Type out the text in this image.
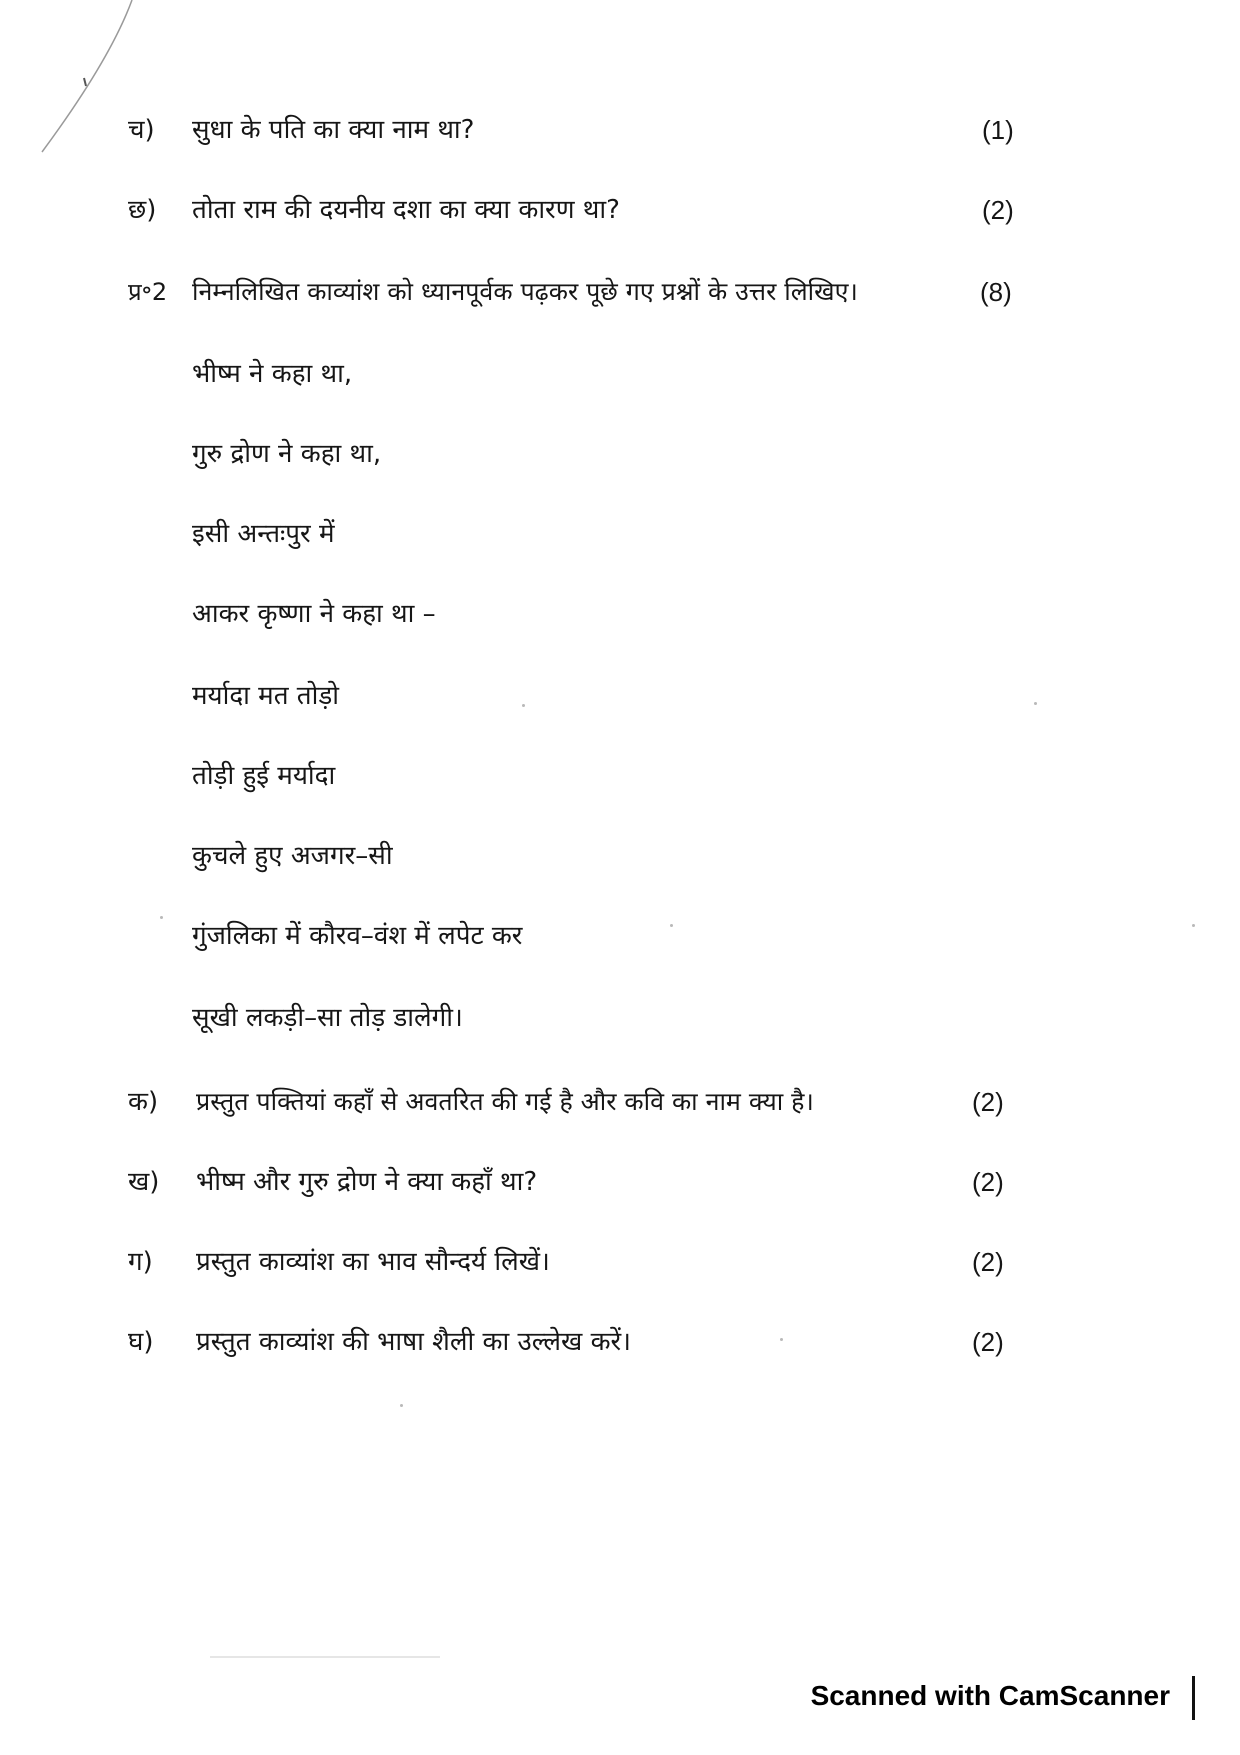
च) सुधा के पति का क्या नाम था?	(1)
छ) तोता राम की दयनीय दशा का क्या कारण था?	(2)
प्र॰2 निम्नलिखित काव्यांश को ध्यानपूर्वक पढ़कर पूछे गए प्रश्नों के उत्तर लिखिए।	(8)
भीष्म ने कहा था,
गुरु द्रोण ने कहा था,
इसी अन्तःपुर में
आकर कृष्णा ने कहा था –
मर्यादा मत तोड़ो
तोड़ी हुई मर्यादा
कुचले हुए अजगर–सी
गुंजलिका में कौरव–वंश में लपेट कर
सूखी लकड़ी–सा तोड़ डालेगी।
क) प्रस्तुत पक्तियां कहाँ से अवतरित की गई है और कवि का नाम क्या है।	(2)
ख) भीष्म और गुरु द्रोण ने क्या कहाँ था?	(2)
ग) प्रस्तुत काव्यांश का भाव सौन्दर्य लिखें।	(2)
घ) प्रस्तुत काव्यांश की भाषा शैली का उल्लेख करें।	(2)
Scanned with CamScanner
